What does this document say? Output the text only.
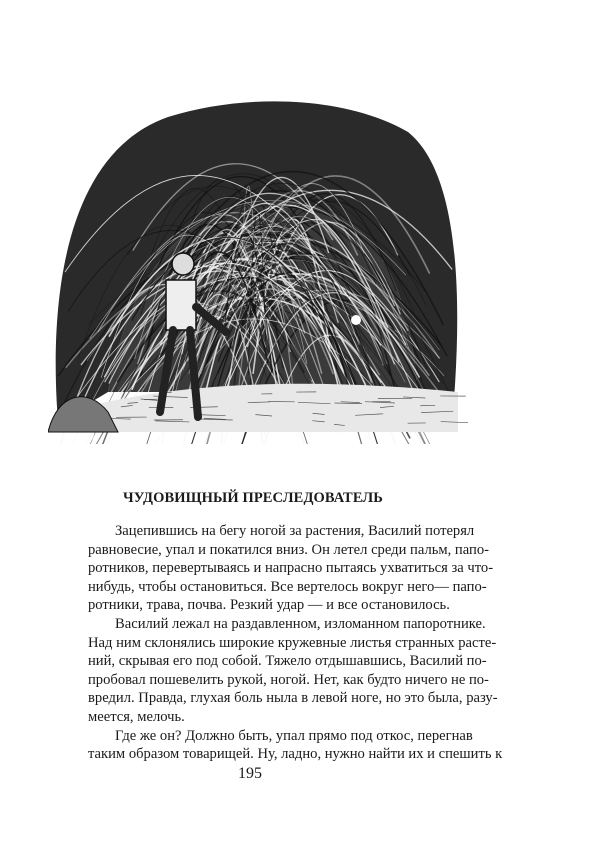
ЧУДОВИЩНЫЙ ПРЕСЛЕДОВАТЕЛЬ
Зацепившись на бегу ногой за растения, Василий потерял
равновесие, упал и покатился вниз. Он летел среди пальм, папо-
ротников, перевертываясь и напрасно пытаясь ухватиться за что-
нибудь, чтобы остановиться. Все вертелось вокруг него— папо-
ротники, трава, почва. Резкий удар — и все остановилось.
Василий лежал на раздавленном, изломанном папоротнике.
Над ним склонялись широкие кружевные листья странных расте-
ний, скрывая его под собой. Тяжело отдышавшись, Василий по-
пробовал пошевелить рукой, ногой. Нет, как будто ничего не по-
вредил. Правда, глухая боль ныла в левой ноге, но это была, разу-
меется, мелочь.
Где же он? Должно быть, упал прямо под откос, перегнав
таким образом товарищей. Ну, ладно, нужно найти их и спешить к
195
